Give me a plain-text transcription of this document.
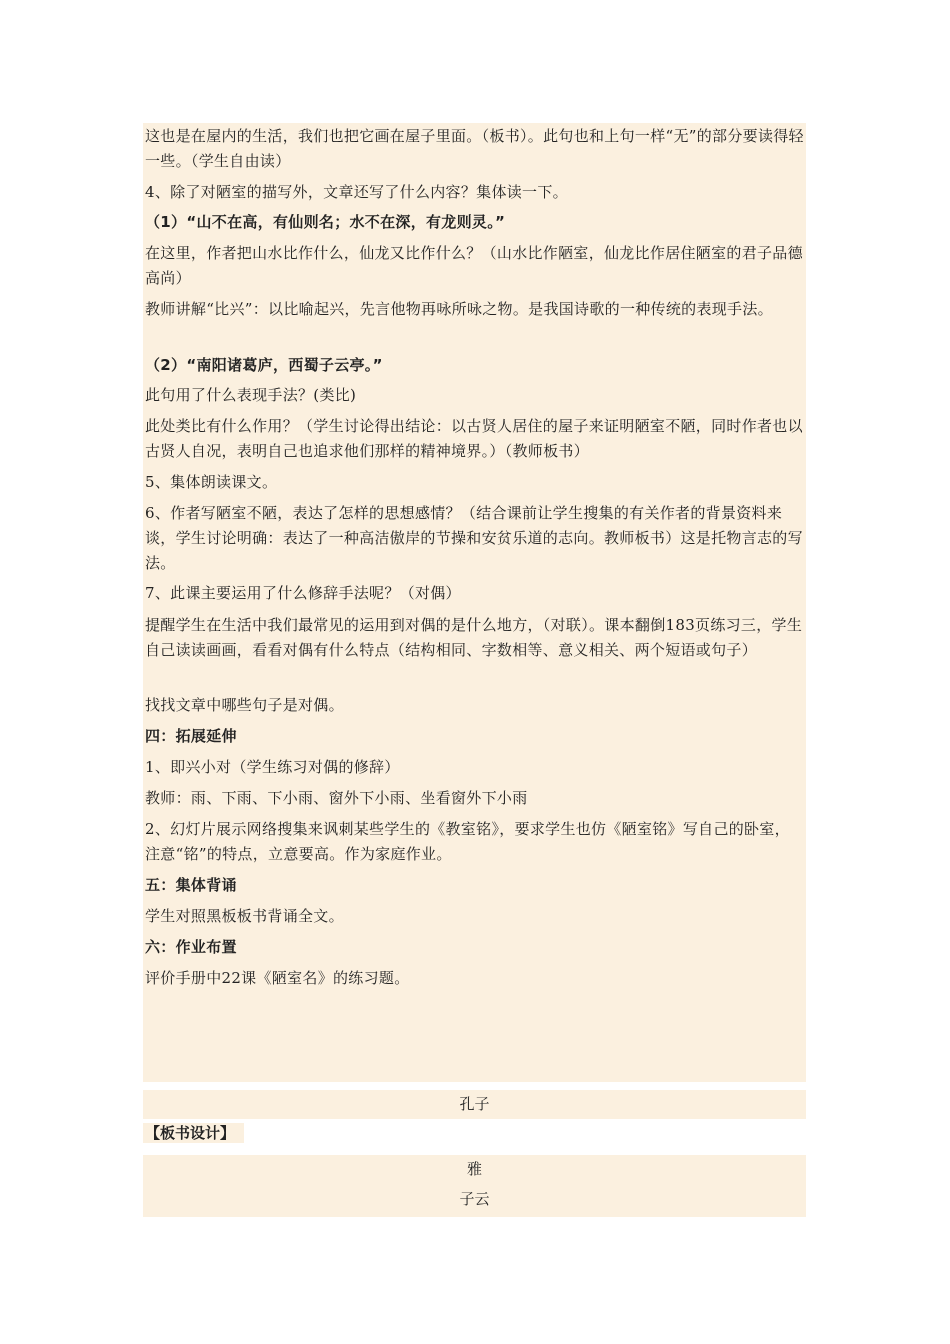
这也是在屋内的生活，我们也把它画在屋子里面。（板书）。此句也和上句一样“无”的部分要读得轻一些。（学生自由读）

4、除了对陋室的描写外，文章还写了什么内容？集体读一下。

（1）“山不在高，有仙则名；水不在深，有龙则灵。”

在这里，作者把山水比作什么，仙龙又比作什么？（山水比作陋室，仙龙比作居住陋室的君子品德高尚）

教师讲解“比兴”：以比喻起兴，先言他物再咏所咏之物。是我国诗歌的一种传统的表现手法。

（2）“南阳诸葛庐，西蜀子云亭。”

此句用了什么表现手法？(类比)

此处类比有什么作用？（学生讨论得出结论：以古贤人居住的屋子来证明陋室不陋，同时作者也以古贤人自况，表明自己也追求他们那样的精神境界。）（教师板书）

5、集体朗读课文。

6、作者写陋室不陋，表达了怎样的思想感情？（结合课前让学生搜集的有关作者的背景资料来谈，学生讨论明确：表达了一种高洁傲岸的节操和安贫乐道的志向。教师板书）这是托物言志的写法。

7、此课主要运用了什么修辞手法呢？（对偶）

提醒学生在生活中我们最常见的运用到对偶的是什么地方，（对联）。课本翻倒183页练习三，学生自己读读画画，看看对偶有什么特点（结构相同、字数相等、意义相关、两个短语或句子）

找找文章中哪些句子是对偶。

四：拓展延伸

1、即兴小对（学生练习对偶的修辞）

教师：雨、下雨、下小雨、窗外下小雨、坐看窗外下小雨

2、幻灯片展示网络搜集来讽刺某些学生的《教室铭》，要求学生也仿《陋室铭》写自己的卧室，注意“铭”的特点，立意要高。作为家庭作业。

五：集体背诵

学生对照黑板板书背诵全文。

六：作业布置

评价手册中22课《陋室名》的练习题。

孔子
【板书设计】
雅
子云
